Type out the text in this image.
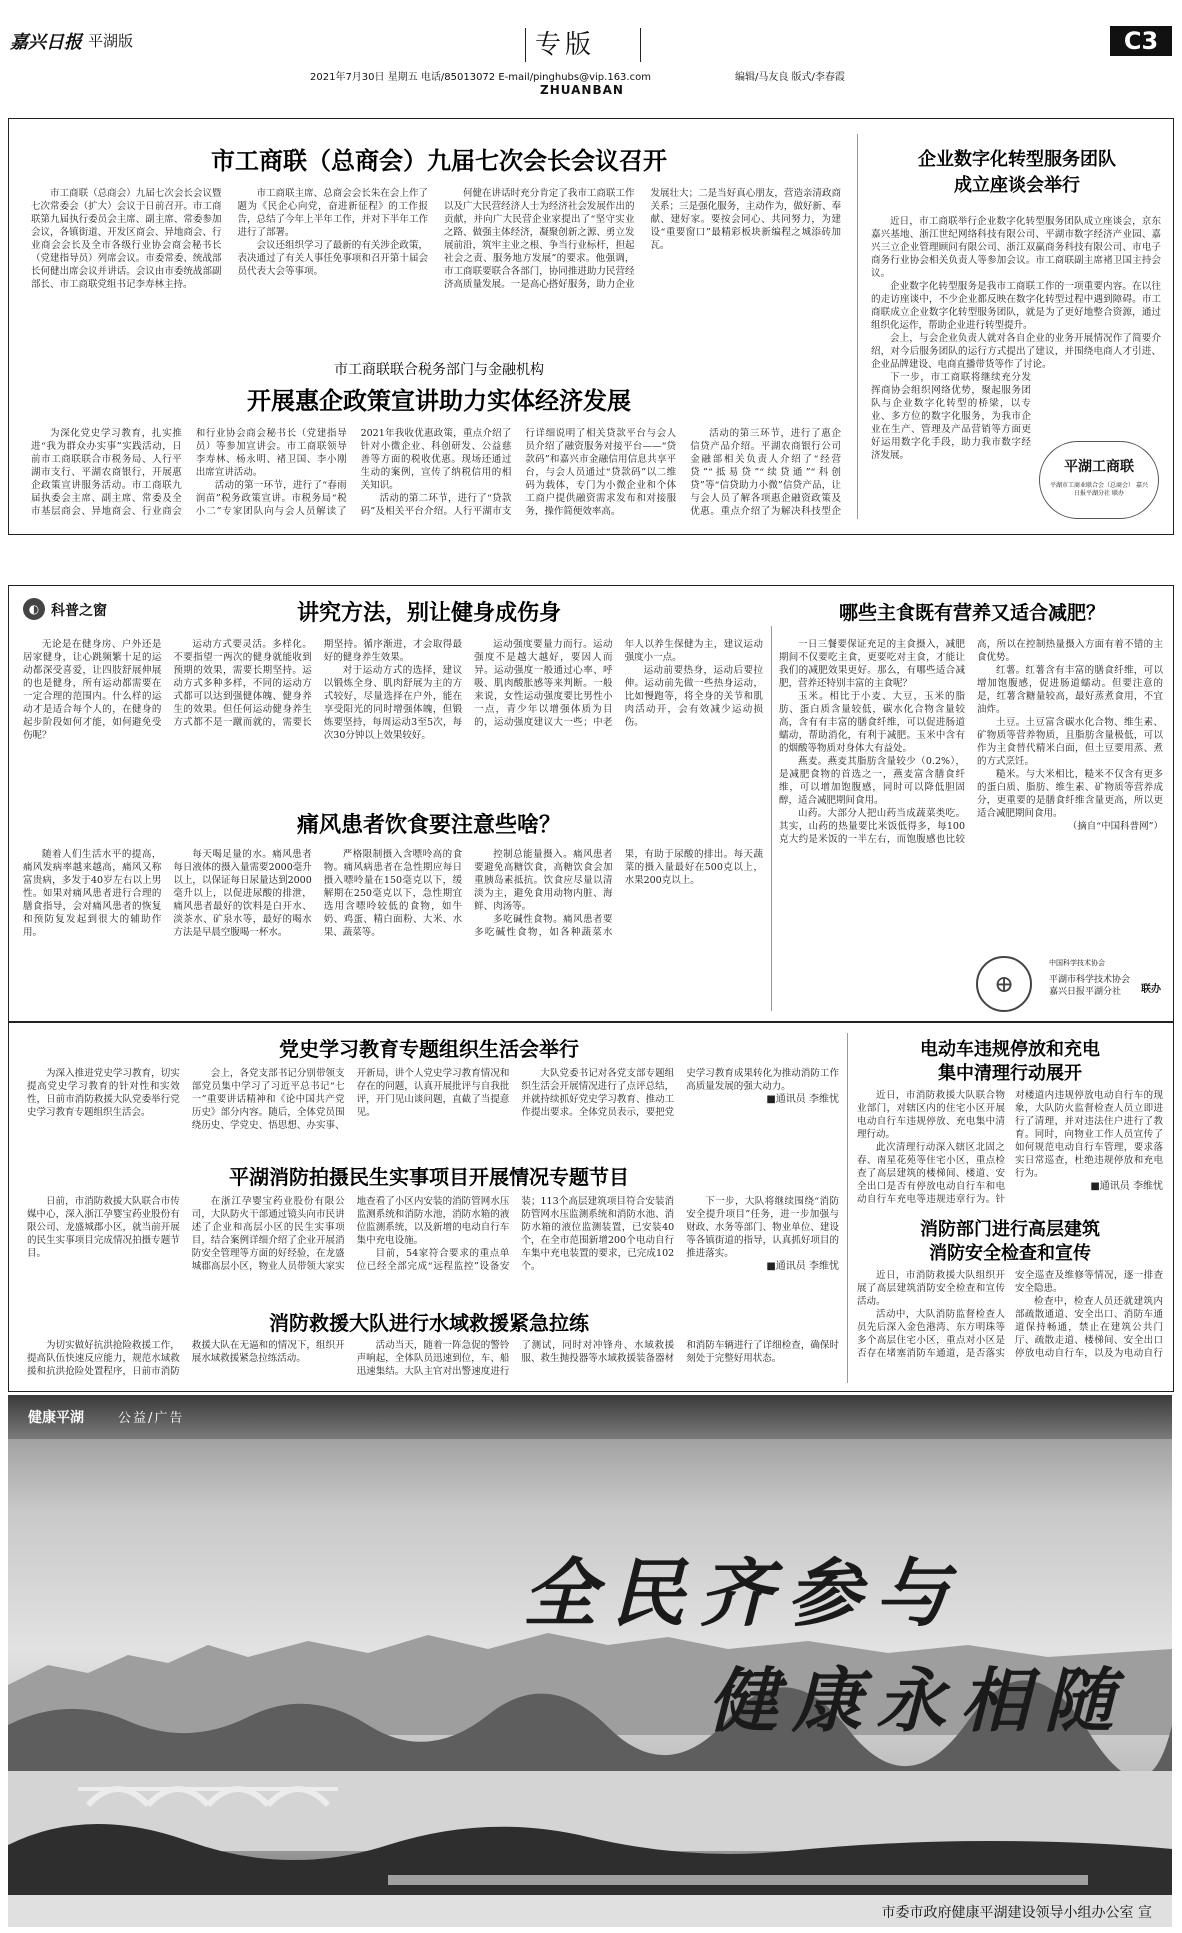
嘉兴日报 平湖版	专版	C3
2021年7月30日 星期五 电话/85013072 E-mail/pinghubs@vip.163.com	编辑/马友良 版式/李春霞
ZHUANBAN
市工商联（总商会）九届七次会长会议召开

市工商联（总商会）九届七次会长会议暨七次常委会（扩大）会议于日前召开。市工商联第九届执行委员会主席、副主席、常委参加会议，各镇街道、开发区商会、异地商会、行业商会会长及全市各级行业协会商会秘书长（党建指导员）列席会议。市委常委、统战部长何健出席会议并讲话。会议由市委统战部副部长、市工商联党组书记李寿林主持。

市工商联主席、总商会会长朱在会上作了题为《民企心向党，奋进新征程》的工作报告，总结了今年上半年工作，并对下半年工作进行了部署。

会议还组织学习了最新的有关涉企政策，表决通过了有关人事任免事项和召开第十届会员代表大会等事项。

何健在讲话时充分肯定了我市工商联工作以及广大民营经济人士为经济社会发展作出的贡献，并向广大民营企业家提出了“坚守实业之路、做强主体经济，凝聚创新之源、勇立发展前沿，筑牢主业之根、争当行业标杆，担起社会之责、服务地方发展”的要求。他强调，市工商联要联合各部门，协同推进助力民营经济高质量发展。一是高心搭好服务，助力企业发展壮大；二是当好真心朋友，营造亲清政商关系；三是强化服务，主动作为，做好新、奉献、建好家。要按会同心、共同努力，为建设“重要窗口”最精彩板块新编程之城添砖加瓦。

市工商联联合税务部门与金融机构
开展惠企政策宣讲助力实体经济发展

为深化党史学习教育，扎实推进“我为群众办实事”实践活动，日前市工商联联合市税务局、人行平湖市支行、平湖农商银行，开展惠企政策宣讲服务活动。市工商联九届执委会主席、副主席、常委及全市基层商会、异地商会、行业商会和行业协会商会秘书长（党建指导员）等参加宣讲会。市工商联领导李寿林、杨永明、褚卫国、李小刚出席宣讲活动。

活动的第一环节，进行了“春雨润苗”税务政策宣讲。市税务局“税小二”专家团队向与会人员解读了2021年我收优惠政策，重点介绍了针对小微企业、科创研发、公益慈善等方面的税收优惠。现场还通过生动的案例，宣传了纳税信用的相关知识。

活动的第二环节，进行了“贷款码”及相关平台介绍。人行平湖市支行详细说明了相关贷款平台与会人员介绍了融资服务对接平台——“贷款码”和嘉兴市金融信用信息共享平台，与会人员通过“贷款码”以二维码为载体，专门为小微企业和个体工商户提供融资需求发布和对接服务，操作简便效率高。

活动的第三环节，进行了惠企信贷产品介绍。平湖农商银行公司金融部相关负责人介绍了“经营贷”“抵易贷”“续贷通”“科创贷”等“信贷助力小微”信贷产品，让与会人员了解各项惠企融资政策及优惠。重点介绍了为解决科技型企

企业数字化转型服务团队
成立座谈会举行

近日，市工商联举行企业数字化转型服务团队成立座谈会，京东嘉兴基地、浙江世纪网络科技有限公司、平湖市数字经济产业园、嘉兴三立企业管理顾问有限公司、浙江双赢商务科技有限公司、市电子商务行业协会相关负责人等参加会议。市工商联副主席褚卫国主持会议。

企业数字化转型服务是我市工商联工作的一项重要内容。在以往的走访座谈中，不少企业都反映在数字化转型过程中遇到障碍。市工商联成立企业数字化转型服务团队，就是为了更好地整合资源，通过组织化运作，帮助企业进行转型提升。

会上，与会企业负责人就对各自企业的业务开展情况作了简要介绍，对今后服务团队的运行方式提出了建议，并围绕电商人才引进、企业品牌建设、电商直播带货等作了讨论。

下一步，市工商联将继续充分发挥商协会组织网络优势，聚起服务团队与企业数字化转型的桥梁，以专业、多方位的数字化服务，为我市企业在生产、管理及产品营销等方面更好运用数字化手段，助力我市数字经济发展。

平湖工商联
平湖市工商业联合会（总商会） 嘉兴日报平湖分社 联办
◐ 科普之窗	讲究方法，别让健身成伤身

无论是在健身房、户外还是居家健身，让心跳频繁十足的运动都深受喜爱，让四肢舒展伸展的也是健身，所有运动都需要在一定合理的范围内。什么样的运动才是适合每个人的，在健身的起步阶段如何才能，如何避免受伤呢？

运动方式要灵活。多样化。不要指望一两次的健身就能收到预期的效果，需要长期坚持。运动方式多种多样，不同的运动方式都可以达到强健体魄、健身养生的效果。但任何运动健身养生方式都不是一蹴而就的，需要长期坚持。循序渐进，才会取得最好的健身养生效果。

对于运动方式的选择，建议以锻炼全身、肌肉舒展为主的方式较好，尽量选择在户外，能在享受阳光的同时增强体魄，但锻炼要坚持，每周运动3至5次，每次30分钟以上效果较好。

运动强度要量力而行。运动强度不是越大越好，要因人而异。运动强度一般通过心率、呼吸、肌肉酸胀感等来判断。一般来说，女性运动强度要比男性小一点，青少年以增强体质为目的，运动强度建议大一些；中老年人以养生保健为主，建议运动强度小一点。

运动前要热身，运动后要拉伸。运动前先做一些热身运动，比如慢跑等，将全身的关节和肌肉活动开，会有效减少运动损伤。

痛风患者饮食要注意些啥？

随着人们生活水平的提高，痛风发病率越来越高，痛风又称富贵病，多发于40岁左右以上男性。如果对痛风患者进行合理的膳食指导，会对痛风患者的恢复和预防复发起到很大的辅助作用。

每天喝足量的水。痛风患者每日液体的摄入量需要2000毫升以上，以保证每日尿量达到2000毫升以上，以促进尿酸的排泄，痛风患者最好的饮料是白开水、淡茶水、矿泉水等，最好的喝水方法是早晨空腹喝一杯水。

严格限制摄入含嘌呤高的食物。痛风病患者在急性期应每日摄入嘌呤量在150毫克以下，缓解期在250毫克以下，急性期宜选用含嘌呤较低的食物，如牛奶、鸡蛋、精白面粉、大米、水果、蔬菜等。

控制总能量摄入。痛风患者要避免高糖饮食，高糖饮食会加重胰岛素抵抗。饮食应尽量以清淡为主，避免食用动物内脏、海鲜、肉汤等。

多吃碱性食物。痛风患者要多吃碱性食物，如各种蔬菜水果，有助于尿酸的排出。每天蔬菜的摄入量最好在500克以上，水果200克以上。

哪些主食既有营养又适合减肥？

一日三餐要保证充足的主食摄入，减肥期间不仅要吃主食，更要吃对主食，才能让我们的减肥效果更好。那么，有哪些适合减肥，营养还特别丰富的主食呢？

玉米。相比于小麦、大豆，玉米的脂肪、蛋白质含量较低，碳水化合物含量较高，含有有丰富的膳食纤维，可以促进肠道蠕动，帮助消化，有利于减肥。玉米中含有的烟酸等物质对身体大有益处。

燕麦。燕麦其脂肪含量较少（0.2%），是减肥食物的首选之一，燕麦富含膳食纤维，可以增加饱腹感，同时可以降低胆固醇，适合减肥期间食用。

山药。大部分人把山药当成蔬菜类吃。其实，山药的热量要比米饭低得多，每100克大约是米饭的一半左右，而饱腹感也比较高，所以在控制热量摄入方面有着不错的主食优势。

红薯。红薯含有丰富的膳食纤维，可以增加饱腹感，促进肠道蠕动。但要注意的是，红薯含糖量较高，最好蒸煮食用，不宜油炸。

土豆。土豆富含碳水化合物、维生素、矿物质等营养物质，且脂肪含量极低，可以作为主食替代精米白面，但土豆要用蒸、煮的方式烹饪。

糙米。与大米相比，糙米不仅含有更多的蛋白质、脂肪、维生素、矿物质等营养成分，更重要的是膳食纤维含量更高，所以更适合减肥期间食用。

（摘自“中国科普网”）

⊕
中国科学技术协会
平湖市科学技术协会
嘉兴日报平湖分社	联办
党史学习教育专题组织生活会举行

为深入推进党史学习教育，切实提高党史学习教育的针对性和实效性，日前市消防救援大队党委举行党史学习教育专题组织生活会。

会上，各党支部书记分别带领支部党员集中学习了习近平总书记“七一”重要讲话精神和《论中国共产党历史》部分内容。随后，全体党员围绕历史、学党史、悟思想、办实事、开新局，讲个人党史学习教育情况和存在的问题，认真开展批评与自我批评，开门见山谈问题，直截了当提意见。

大队党委书记对各党支部专题组织生活会开展情况进行了点评总结，并就持续抓好党史学习教育、推动工作提出要求。全体党员表示，要把党史学习教育成果转化为推动消防工作高质量发展的强大动力。

■通讯员 李维忧

平湖消防拍摄民生实事项目开展情况专题节目

日前，市消防救援大队联合市传媒中心，深入浙江孕婴宝药业股份有限公司、龙盛城郡小区，就当前开展的民生实事项目完成情况拍摄专题节目。

在浙江孕婴宝药业股份有限公司，大队防火干部通过镜头向市民讲述了企业和高层小区的民生实事项目，结合案例详细介绍了企业开展消防安全管理等方面的好经验，在龙盛城郡高层小区，物业人员带领大家实地查看了小区内安装的消防管网水压监测系统和消防水池，消防水箱的液位监测系统，以及新增的电动自行车集中充电设施。

目前，54家符合要求的重点单位已经全部完成“远程监控”设备安装；113个高层建筑项目符合安装消防管网水压监测系统和消防水池、消防水箱的液位监测装置，已安装40个，在全市范围新增200个电动自行车集中充电装置的要求，已完成102个。

下一步，大队将继续围绕“消防安全提升项目”任务，进一步加强与财政、水务等部门、物业单位、建设等各镇街道的指导，认真抓好项目的推进落实。

■通讯员 李维忧

消防救援大队进行水域救援紧急拉练

为切实做好抗洪抢险救援工作，提高队伍快速反应能力，规范水域救援和抗洪抢险处置程序，日前市消防救援大队在无逼和的情况下，组织开展水域救援紧急拉练活动。

活动当天，随着一阵急促的警铃声响起，全体队员迅速到位，车、船迅速集结。大队主官对出警速度进行了测试，同时对冲锋舟、水域救援服、救生抛投器等水域救援装备器材和消防车辆进行了详细检查，确保时刻处于完整好用状态。

电动车违规停放和充电
集中清理行动展开

近日，市消防救援大队联合物业部门，对辖区内的住宅小区开展电动自行车违规停放、充电集中清理行动。

此次清理行动深入辖区北固之春、南星花苑等住宅小区，重点检查了高层建筑的楼梯间、楼道、安全出口是否有停放电动自行车和电动自行车充电等违规违章行为。针对楼道内违规停放电动自行车的现象，大队防火监督检查人员立即进行了清理，并对违法住户进行了教育。同时，向物业工作人员宣传了如何规范电动自行车管理，要求落实日常巡查，杜绝违规停放和充电行为。

■通讯员 李维忧

消防部门进行高层建筑
消防安全检查和宣传

近日，市消防救援大队组织开展了高层建筑消防安全检查和宣传活动。

活动中，大队消防监督检查人员先后深入金色港湾、东方明珠等多个高层住宅小区，重点对小区是否存在堵塞消防车通道，是否落实安全巡查及维修等情况，逐一排查安全隐患。

检查中，检查人员还就建筑内部疏散通道、安全出口、消防车通道保持畅通，禁止在建筑公共门厅、疏散走道、楼梯间、安全出口停放电动自行车，以及为电动自行

健康平湖	公益/广告
全民齐参与
健康永相随
市委市政府健康平湖建设领导小组办公室 宣
